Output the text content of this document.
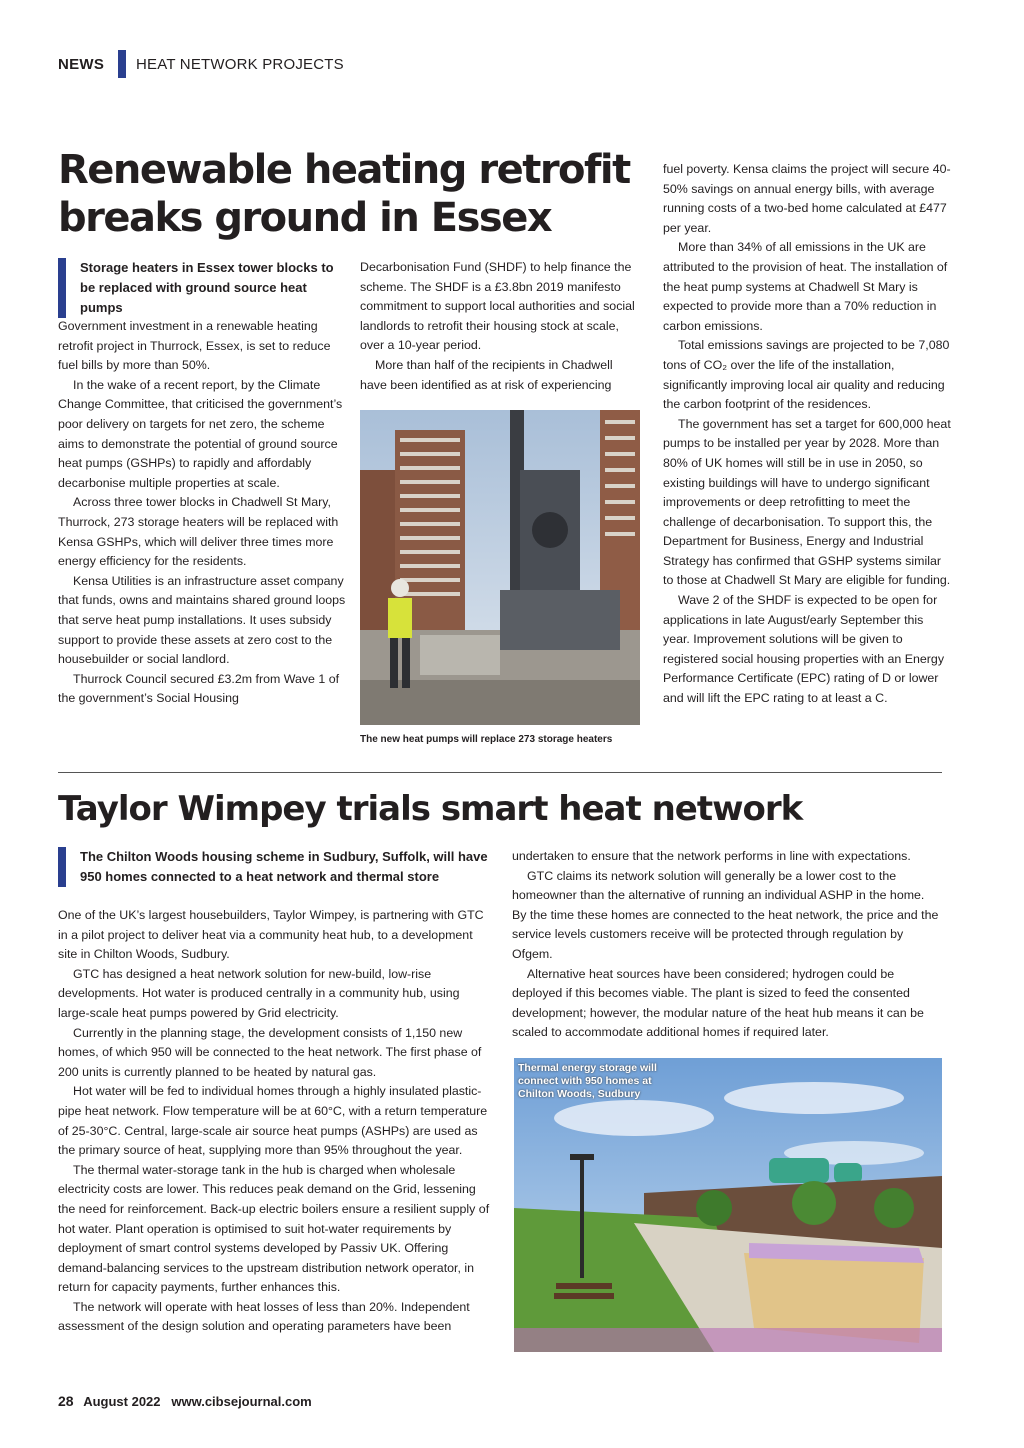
NEWS HEAT NETWORK PROJECTS
Renewable heating retrofit breaks ground in Essex
Storage heaters in Essex tower blocks to be replaced with ground source heat pumps

Government investment in a renewable heating retrofit project in Thurrock, Essex, is set to reduce fuel bills by more than 50%.

In the wake of a recent report, by the Climate Change Committee, that criticised the government’s poor delivery on targets for net zero, the scheme aims to demonstrate the potential of ground source heat pumps (GSHPs) to rapidly and affordably decarbonise multiple properties at scale.

Across three tower blocks in Chadwell St Mary, Thurrock, 273 storage heaters will be replaced with Kensa GSHPs, which will deliver three times more energy efficiency for the residents.

Kensa Utilities is an infrastructure asset company that funds, owns and maintains shared ground loops that serve heat pump installations. It uses subsidy support to provide these assets at zero cost to the housebuilder or social landlord.

Thurrock Council secured £3.2m from Wave 1 of the government’s Social Housing

Decarbonisation Fund (SHDF) to help finance the scheme. The SHDF is a £3.8bn 2019 manifesto commitment to support local authorities and social landlords to retrofit their housing stock at scale, over a 10-year period.

More than half of the recipients in Chadwell have been identified as at risk of experiencing

The new heat pumps will replace 273 storage heaters

fuel poverty. Kensa claims the project will secure 40-50% savings on annual energy bills, with average running costs of a two-bed home calculated at £477 per year.

More than 34% of all emissions in the UK are attributed to the provision of heat. The installation of the heat pump systems at Chadwell St Mary is expected to provide more than a 70% reduction in carbon emissions.

Total emissions savings are projected to be 7,080 tons of CO₂ over the life of the installation, significantly improving local air quality and reducing the carbon footprint of the residences.

The government has set a target for 600,000 heat pumps to be installed per year by 2028. More than 80% of UK homes will still be in use in 2050, so existing buildings will have to undergo significant improvements or deep retrofitting to meet the challenge of decarbonisation. To support this, the Department for Business, Energy and Industrial Strategy has confirmed that GSHP systems similar to those at Chadwell St Mary are eligible for funding.

Wave 2 of the SHDF is expected to be open for applications in late August/early September this year. Improvement solutions will be given to registered social housing properties with an Energy Performance Certificate (EPC) rating of D or lower and will lift the EPC rating to at least a C.

Taylor Wimpey trials smart heat network
The Chilton Woods housing scheme in Sudbury, Suffolk, will have 950 homes connected to a heat network and thermal store

One of the UK’s largest housebuilders, Taylor Wimpey, is partnering with GTC in a pilot project to deliver heat via a community heat hub, to a development site in Chilton Woods, Sudbury.

GTC has designed a heat network solution for new-build, low-rise developments. Hot water is produced centrally in a community hub, using large-scale heat pumps powered by Grid electricity.

Currently in the planning stage, the development consists of 1,150 new homes, of which 950 will be connected to the heat network. The first phase of 200 units is currently planned to be heated by natural gas.

Hot water will be fed to individual homes through a highly insulated plastic-pipe heat network. Flow temperature will be at 60°C, with a return temperature of 25-30°C. Central, large-scale air source heat pumps (ASHPs) are used as the primary source of heat, supplying more than 95% throughout the year.

The thermal water-storage tank in the hub is charged when wholesale electricity costs are lower. This reduces peak demand on the Grid, lessening the need for reinforcement. Back-up electric boilers ensure a resilient supply of hot water. Plant operation is optimised to suit hot-water requirements by deployment of smart control systems developed by Passiv UK. Offering demand-balancing services to the upstream distribution network operator, in return for capacity payments, further enhances this.

The network will operate with heat losses of less than 20%. Independent assessment of the design solution and operating parameters have been

undertaken to ensure that the network performs in line with expectations.

GTC claims its network solution will generally be a lower cost to the homeowner than the alternative of running an individual ASHP in the home. By the time these homes are connected to the heat network, the price and the service levels customers receive will be protected through regulation by Ofgem.

Alternative heat sources have been considered; hydrogen could be deployed if this becomes viable. The plant is sized to feed the consented development; however, the modular nature of the heat hub means it can be scaled to accommodate additional homes if required later.

Thermal energy storage will connect with 950 homes at Chilton Woods, Sudbury
28 August 2022 www.cibsejournal.com
